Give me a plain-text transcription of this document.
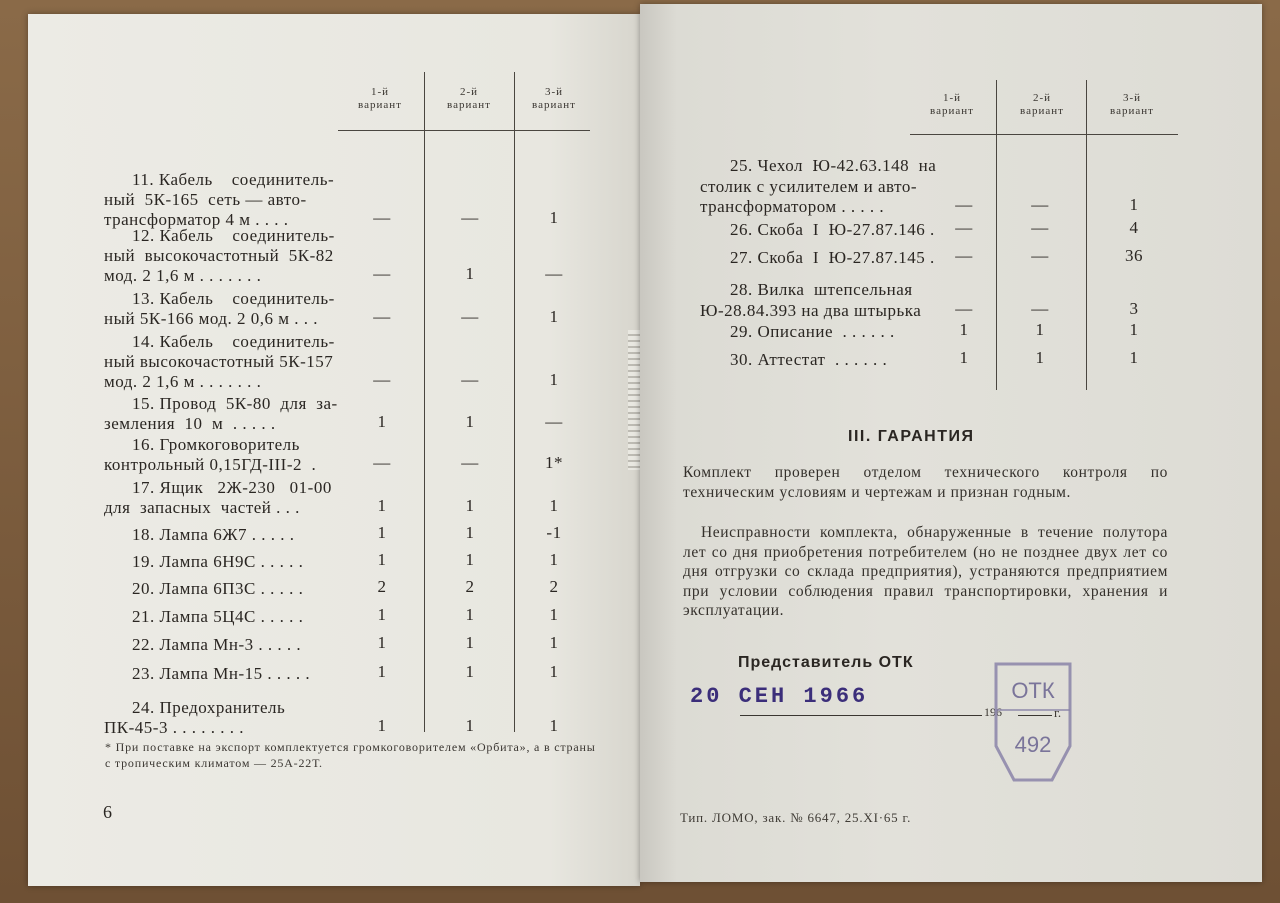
1-й
вариант
2-й
вариант
3-й
вариант
11. Кабель    соединитель-
ный  5К-165  сеть — авто-
трансформатор 4 м . . . .	—	—	1
12. Кабель    соединитель-
ный  высокочастотный  5К-82
мод. 2 1,6 м . . . . . . .	—	1	—
13. Кабель    соединитель-
ный 5К-166 мод. 2 0,6 м . . .	—	—	1
14. Кабель    соединитель-
ный высокочастотный 5К-157
мод. 2 1,6 м . . . . . . .	—	—	1
15. Провод  5К-80  для  за-
земления  10  м  . . . . .	1	1	—
16. Громкоговоритель
контрольный 0,15ГД-III-2  .	—	—	1*
17. Ящик   2Ж-230   01-00
для  запасных  частей . . .	1	1	1
18. Лампа 6Ж7 . . . . .	1	1	-1
19. Лампа 6Н9С . . . . .	1	1	1
20. Лампа 6П3С . . . . .	2	2	2
21. Лампа 5Ц4С . . . . .	1	1	1
22. Лампа Мн-3 . . . . .	1	1	1
23. Лампа Мн-15 . . . . .	1	1	1
24. Предохранитель
ПК-45-3 . . . . . . . .	1	1	1
* При поставке на экспорт комплектуется громкоговорителем «Орбита», а в страны с тропическим климатом — 25А-22Т.
6
1-й
вариант
2-й
вариант
3-й
вариант
25. Чехол  Ю-42.63.148  на
столик с усилителем и авто-
трансформатором . . . . .	—	—	1
26. Скоба  I  Ю-27.87.146 .	—	—	4
27. Скоба  I  Ю-27.87.145 .	—	—	36
28. Вилка  штепсельная
Ю-28.84.393 на два штырька	—	—	3
29. Описание  . . . . . .	1	1	1
30. Аттестат  . . . . . .	1	1	1
III. ГАРАНТИЯ
Комплект проверен отделом технического контроля по техническим условиям и чертежам и признан годным.
Неисправности комплекта, обнаруженные в течение полутора лет со дня приобретения потребителем (но не позднее двух лет со дня отгрузки со склада предприятия), устраняются предприятием при условии соблюдения правил транспортировки, хранения и эксплуатации.
Представитель ОТК
20 СЕН 1966
196	г.
ОТК
492
Тип. ЛОМО, зак. № 6647, 25.XI·65 г.
